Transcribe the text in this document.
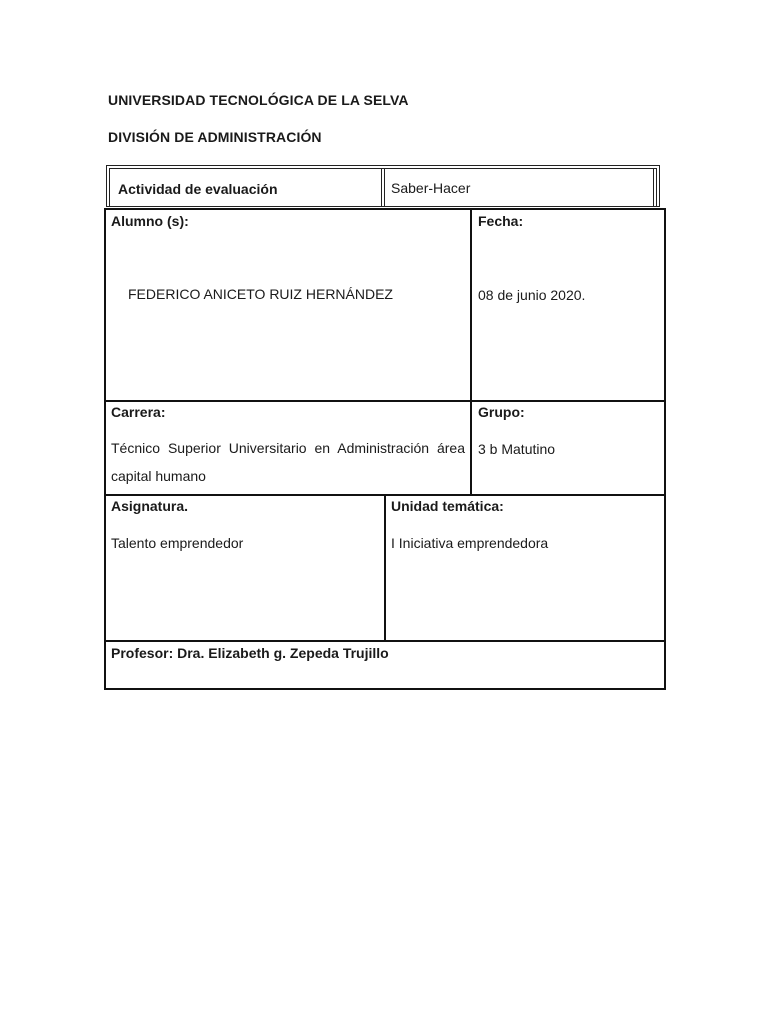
UNIVERSIDAD TECNOLÓGICA DE LA SELVA
DIVISIÓN DE ADMINISTRACIÓN
Actividad de evaluación	Saber-Hacer
Alumno (s):
FEDERICO ANICETO RUIZ HERNÁNDEZ
Fecha:
08 de junio 2020.
Carrera:
Técnico Superior Universitario en Administración área capital humano
Grupo:
3 b Matutino
Asignatura.
Talento emprendedor
Unidad temática:
I Iniciativa emprendedora
Profesor: Dra. Elizabeth g. Zepeda Trujillo
